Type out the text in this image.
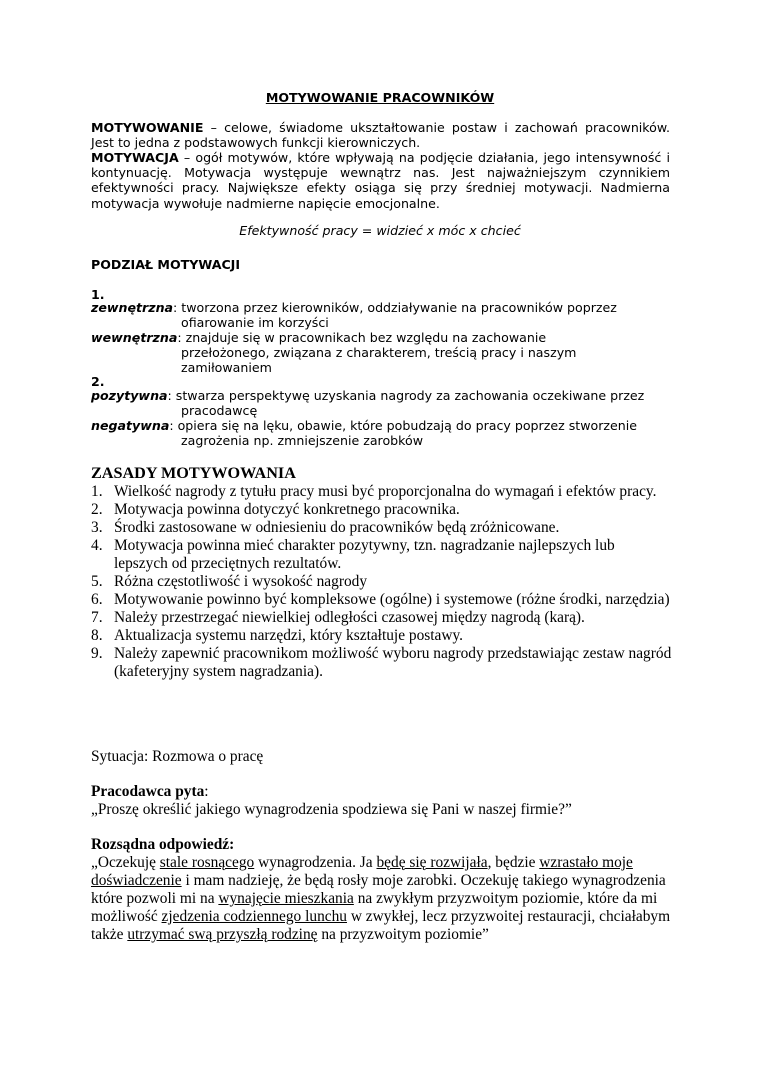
MOTYWOWANIE PRACOWNIKÓW
MOTYWOWANIE – celowe, świadome ukształtowanie postaw i zachowań pracowników. Jest to jedna z podstawowych funkcji kierowniczych.
MOTYWACJA – ogół motywów, które wpływają na podjęcie działania, jego intensywność i kontynuację. Motywacja występuje wewnątrz nas. Jest najważniejszym czynnikiem efektywności pracy. Największe efekty osiąga się przy średniej motywacji. Nadmierna motywacja wywołuje nadmierne napięcie emocjonalne.
Efektywność pracy = widzieć x móc x chcieć
PODZIAŁ MOTYWACJI
1.
zewnętrzna: tworzona przez kierowników, oddziaływanie na pracowników poprzez
ofiarowanie im korzyści
wewnętrzna: znajduje się w pracownikach bez względu na zachowanie
przełożonego, związana z charakterem, treścią pracy i naszym
zamiłowaniem
2.
pozytywna: stwarza perspektywę uzyskania nagrody za zachowania oczekiwane przez
pracodawcę
negatywna: opiera się na lęku, obawie, które pobudzają do pracy poprzez stworzenie
zagrożenia np. zmniejszenie zarobków
ZASADY MOTYWOWANIA
1. Wielkość nagrody z tytułu pracy musi być proporcjonalna do wymagań i efektów pracy.
2. Motywacja powinna dotyczyć konkretnego pracownika.
3. Środki zastosowane w odniesieniu do pracowników będą zróżnicowane.
4. Motywacja powinna mieć charakter pozytywny, tzn. nagradzanie najlepszych lub lepszych od przeciętnych rezultatów.
5. Różna częstotliwość i wysokość nagrody
6. Motywowanie powinno być kompleksowe (ogólne) i systemowe (różne środki, narzędzia)
7. Należy przestrzegać niewielkiej odległości czasowej między nagrodą (karą).
8. Aktualizacja systemu narzędzi, który kształtuje postawy.
9. Należy zapewnić pracownikom możliwość wyboru nagrody przedstawiając zestaw nagród (kafeteryjny system nagradzania).
Sytuacja: Rozmowa o pracę
Pracodawca pyta:
„Proszę określić jakiego wynagrodzenia spodziewa się Pani w naszej firmie?”
Rozsądna odpowiedź:
„Oczekuję stale rosnącego wynagrodzenia. Ja będę się rozwijała, będzie wzrastało moje
doświadczenie i mam nadzieję, że będą rosły moje zarobki. Oczekuję takiego wynagrodzenia
które pozwoli mi na wynajęcie mieszkania na zwykłym przyzwoitym poziomie, które da mi
możliwość zjedzenia codziennego lunchu w zwykłej, lecz przyzwoitej restauracji, chciałabym
także utrzymać swą przyszłą rodzinę na przyzwoitym poziomie”
